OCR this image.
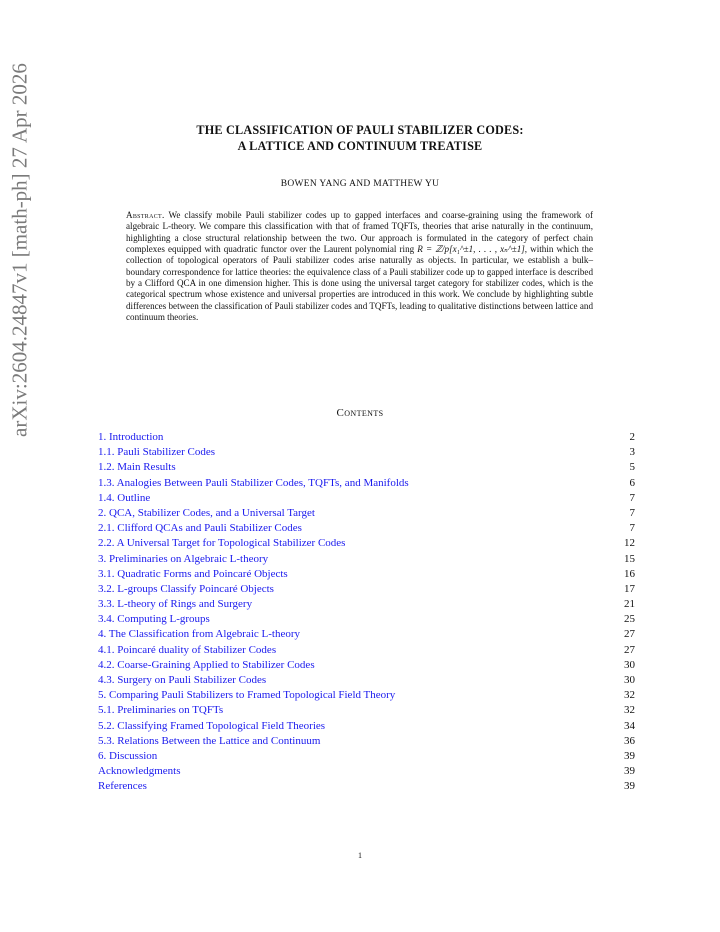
arXiv:2604.24847v1 [math-ph] 27 Apr 2026	THE CLASSIFICATION OF PAULI STABILIZER CODES:
A LATTICE AND CONTINUUM TREATISE
BOWEN YANG AND MATTHEW YU
Abstract. We classify mobile Pauli stabilizer codes up to gapped interfaces and coarse-graining using the framework of algebraic L-theory. We compare this classification with that of framed TQFTs, theories that arise naturally in the continuum, highlighting a close structural relationship between the two. Our approach is formulated in the category of perfect chain complexes equipped with quadratic functor over the Laurent polynomial ring R = ℤ/p[x₁^±1, . . . , xₙ^±1], within which the collection of topological operators of Pauli stabilizer codes arise naturally as objects. In particular, we establish a bulk–boundary correspondence for lattice theories: the equivalence class of a Pauli stabilizer code up to gapped interface is described by a Clifford QCA in one dimension higher. This is done using the universal target category for stabilizer codes, which is the categorical spectrum whose existence and universal properties are introduced in this work. We conclude by highlighting subtle differences between the classification of Pauli stabilizer codes and TQFTs, leading to qualitative distinctions between lattice and continuum theories.
Contents
1. Introduction	2
1.1. Pauli Stabilizer Codes	3
1.2. Main Results	5
1.3. Analogies Between Pauli Stabilizer Codes, TQFTs, and Manifolds	6
1.4. Outline	7
2. QCA, Stabilizer Codes, and a Universal Target	7
2.1. Clifford QCAs and Pauli Stabilizer Codes	7
2.2. A Universal Target for Topological Stabilizer Codes	12
3. Preliminaries on Algebraic L-theory	15
3.1. Quadratic Forms and Poincaré Objects	16
3.2. L-groups Classify Poincaré Objects	17
3.3. L-theory of Rings and Surgery	21
3.4. Computing L-groups	25
4. The Classification from Algebraic L-theory	27
4.1. Poincaré duality of Stabilizer Codes	27
4.2. Coarse-Graining Applied to Stabilizer Codes	30
4.3. Surgery on Pauli Stabilizer Codes	30
5. Comparing Pauli Stabilizers to Framed Topological Field Theory	32
5.1. Preliminaries on TQFTs	32
5.2. Classifying Framed Topological Field Theories	34
5.3. Relations Between the Lattice and Continuum	36
6. Discussion	39
Acknowledgments	39
References	39
1
